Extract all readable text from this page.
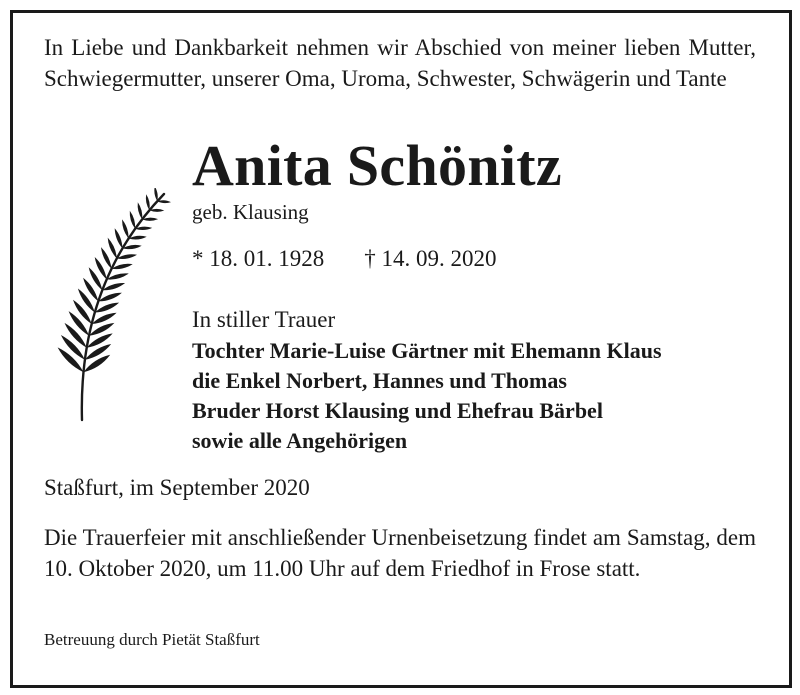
In Liebe und Dankbarkeit nehmen wir Abschied von meiner lieben Mutter, Schwiegermutter, unserer Oma, Uroma, Schwester, Schwägerin und Tante

Anita Schönitz

geb. Klausing

* 18. 01. 1928 † 14. 09. 2020

In stiller Trauer

Tochter Marie-Luise Gärtner mit Ehemann Klaus
die Enkel Norbert, Hannes und Thomas
Bruder Horst Klausing und Ehefrau Bärbel
sowie alle Angehörigen

Staßfurt, im September 2020

Die Trauerfeier mit anschließender Urnenbeisetzung findet am Samstag, dem 10. Oktober 2020, um 11.00 Uhr auf dem Friedhof in Frose statt.

Betreuung durch Pietät Staßfurt
